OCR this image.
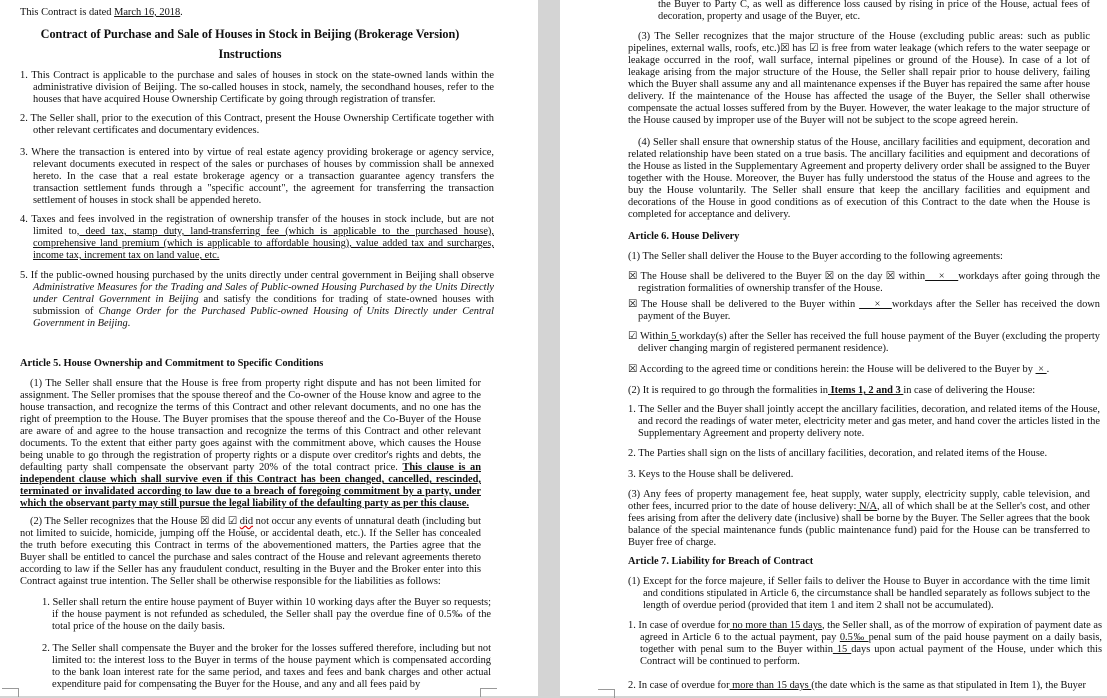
This Contract is dated March 16, 2018.

Contract of Purchase and Sale of Houses in Stock in Beijing (Brokerage Version)
Instructions

1. This Contract is applicable to the purchase and sales of houses in stock on the state-owned lands within the administrative division of Beijing. The so-called houses in stock, namely, the secondhand houses, refer to the houses that have acquired House Ownership Certificate by going through registration of transfer.

2. The Seller shall, prior to the execution of this Contract, present the House Ownership Certificate together with other relevant certificates and documentary evidences.

3. Where the transaction is entered into by virtue of real estate agency providing brokerage or agency service, relevant documents executed in respect of the sales or purchases of houses by commission shall be annexed hereto. In the case that a real estate brokerage agency or a transaction guarantee agency transfers the transaction settlement funds through a "specific account", the agreement for transferring the transaction settlement of houses in stock shall be appended hereto.

4. Taxes and fees involved in the registration of ownership transfer of the houses in stock include, but are not limited to, deed tax, stamp duty, land-transferring fee (which is applicable to the purchased house), comprehensive land premium (which is applicable to affordable housing), value added tax and surcharges, income tax, increment tax on land value, etc.

5. If the public-owned housing purchased by the units directly under central government in Beijing shall observe Administrative Measures for the Trading and Sales of Public-owned Housing Purchased by the Units Directly under Central Government in Beijing and satisfy the conditions for trading of state-owned houses with submission of Change Order for the Purchased Public-owned Housing of Units Directly under Central Government in Beijing.

Article 5. House Ownership and Commitment to Specific Conditions

(1) The Seller shall ensure that the House is free from property right dispute and has not been limited for assignment. The Seller promises that the spouse thereof and the Co-owner of the House know and agree to the house transaction, and recognize the terms of this Contract and other relevant documents, and no one has the right of preemption to the House. The Buyer promises that the spouse thereof and the Co-Buyer of the House are aware of and agree to the house transaction and recognize the terms of this Contract and other relevant documents. To the extent that either party goes against with the commitment above, which causes the House being unable to go through the registration of property rights or a dispute over creditor's rights and debts, the defaulting party shall compensate the observant party 20% of the total contract price. This clause is an independent clause which shall survive even if this Contract has been changed, cancelled, rescinded, terminated or invalidated according to law due to a breach of foregoing commitment by a party, under which the observant party may still pursue the legal liability of the defaulting party as per this clause.

(2) The Seller recognizes that the House ☒ did ☑ did not occur any events of unnatural death (including but not limited to suicide, homicide, jumping off the House, or accidental death, etc.). If the Seller has concealed the truth before executing this Contract in terms of the abovementioned matters, the Parties agree that the Buyer shall be entitled to cancel the purchase and sales contract of the House and relevant agreements thereto according to law if the Seller has any fraudulent conduct, resulting in the Buyer and the Broker enter into this Contract against true intention. The Seller shall be otherwise responsible for the liabilities as follows:

1. Seller shall return the entire house payment of Buyer within 10 working days after the Buyer so requests; if the house payment is not refunded as scheduled, the Seller shall pay the overdue fine of 0.5‰ of the total price of the house on the daily basis.

2. The Seller shall compensate the Buyer and the broker for the losses suffered therefore, including but not limited to: the interest loss to the Buyer in terms of the house payment which is compensated according to the bank loan interest rate for the same period, and taxes and fees and bank charges and other actual expenditure paid for compensating the Buyer for the House, and any and all fees paid by

the Buyer to Party C, as well as difference loss caused by rising in price of the House, actual fees of decoration, property and usage of the Buyer, etc.

(3) The Seller recognizes that the major structure of the House (excluding public areas: such as public pipelines, external walls, roofs, etc.)☒ has ☑ is free from water leakage (which refers to the water seepage or leakage occurred in the roof, wall surface, internal pipelines or ground of the House). In case of a lot of leakage arising from the major structure of the House, the Seller shall repair prior to house delivery, failing which the Buyer shall assume any and all maintenance expenses if the Buyer has repaired the same after house delivery. If the maintenance of the House has affected the usage of the Buyer, the Seller shall otherwise compensate the actual losses suffered from by the Buyer. However, the water leakage to the major structure of the House caused by improper use of the Buyer will not be subject to the scope agreed herein.

(4) Seller shall ensure that ownership status of the House, ancillary facilities and equipment, decoration and related relationship have been stated on a true basis. The ancillary facilities and equipment and decorations of the House as listed in the Supplementary Agreement and property delivery order shall be assigned to the Buyer together with the House. Moreover, the Buyer has fully understood the status of the House and agrees to the buy the House voluntarily. The Seller shall ensure that keep the ancillary facilities and equipment and decorations of the House in good conditions as of execution of this Contract to the date when the House is completed for acceptance and delivery.

Article 6. House Delivery

(1) The Seller shall deliver the House to the Buyer according to the following agreements:

☒ The House shall be delivered to the Buyer ☒ on the day ☒ within    ×    workdays after going through the registration formalities of ownership transfer of the House.

☒ The House shall be delivered to the Buyer within     ×   workdays after the Seller has received the down payment of the Buyer.

☑ Within 5 workday(s) after the Seller has received the full house payment of the Buyer (excluding the property deliver changing margin of registered permanent residence).

☒ According to the agreed time or conditions herein: the House will be delivered to the Buyer by  × .

(2) It is required to go through the formalities in Items 1, 2 and 3 in case of delivering the House:

1. The Seller and the Buyer shall jointly accept the ancillary facilities, decoration, and related items of the House, and record the readings of water meter, electricity meter and gas meter, and hand cover the articles listed in the Supplementary Agreement and property delivery note.

2. The Parties shall sign on the lists of ancillary facilities, decoration, and related items of the House.

3. Keys to the House shall be delivered.

(3) Any fees of property management fee, heat supply, water supply, electricity supply, cable television, and other fees, incurred prior to the date of house delivery: N/A, all of which shall be at the Seller's cost, and other fees arising from after the delivery date (inclusive) shall be borne by the Buyer. The Seller agrees that the book balance of the special maintenance funds (public maintenance fund) paid for the House can be transferred to Buyer free of charge.

Article 7. Liability for Breach of Contract

(1) Except for the force majeure, if Seller fails to deliver the House to Buyer in accordance with the time limit and conditions stipulated in Article 6, the circumstance shall be handled separately as follows subject to the length of overdue period (provided that item 1 and item 2 shall not be accumulated).

1. In case of overdue for no more than 15 days, the Seller shall, as of the morrow of expiration of payment date as agreed in Article 6 to the actual payment, pay 0.5‰ penal sum of the paid house payment on a daily basis, together with penal sum to the Buyer within 15 days upon actual payment of the House, under which this Contract will be continued to perform.

2. In case of overdue for more than 15 days (the date which is the same as that stipulated in Item 1), the Buyer
